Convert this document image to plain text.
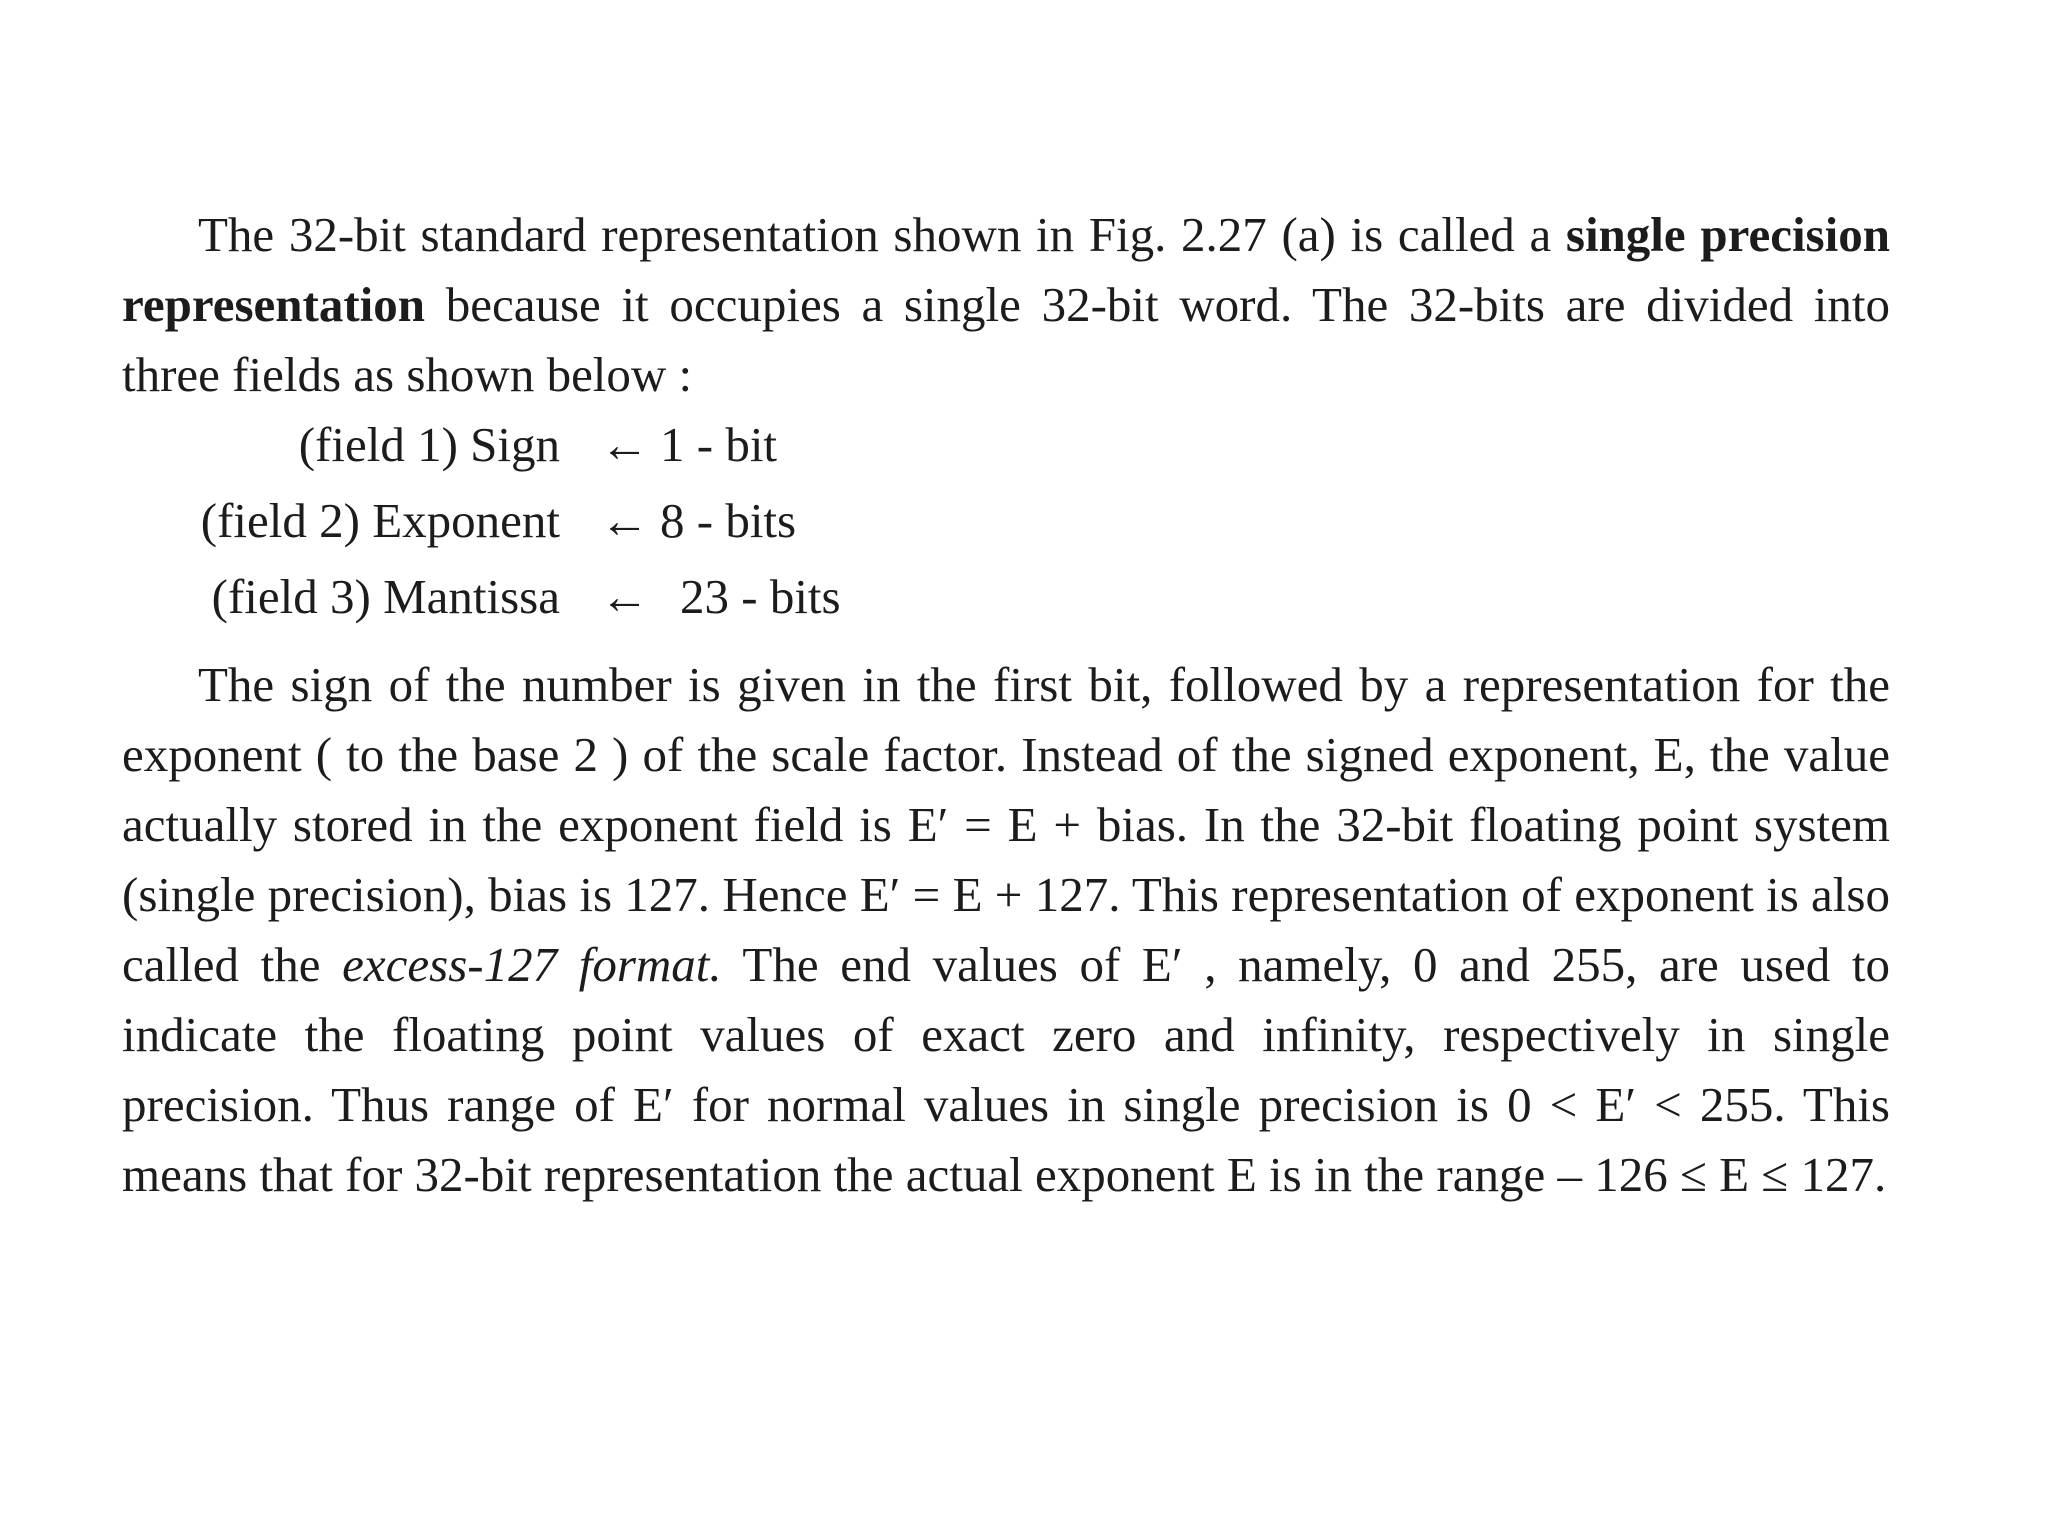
The 32-bit standard representation shown in Fig. 2.27 (a) is called a single precision representation because it occupies a single 32-bit word. The 32-bits are divided into three fields as shown below :

(field 1) Sign ← 1 - bit
(field 2) Exponent ← 8 - bits
(field 3) Mantissa ← 23 - bits

The sign of the number is given in the first bit, followed by a representation for the exponent ( to the base 2 ) of the scale factor. Instead of the signed exponent, E, the value actually stored in the exponent field is E′ = E + bias. In the 32-bit floating point system (single precision), bias is 127. Hence E′ = E + 127. This representation of exponent is also called the excess-127 format. The end values of E′ , namely, 0 and 255, are used to indicate the floating point values of exact zero and infinity, respectively in single precision. Thus range of E′ for normal values in single precision is 0 < E′ < 255. This means that for 32-bit representation the actual exponent E is in the range – 126 ≤ E ≤ 127.
